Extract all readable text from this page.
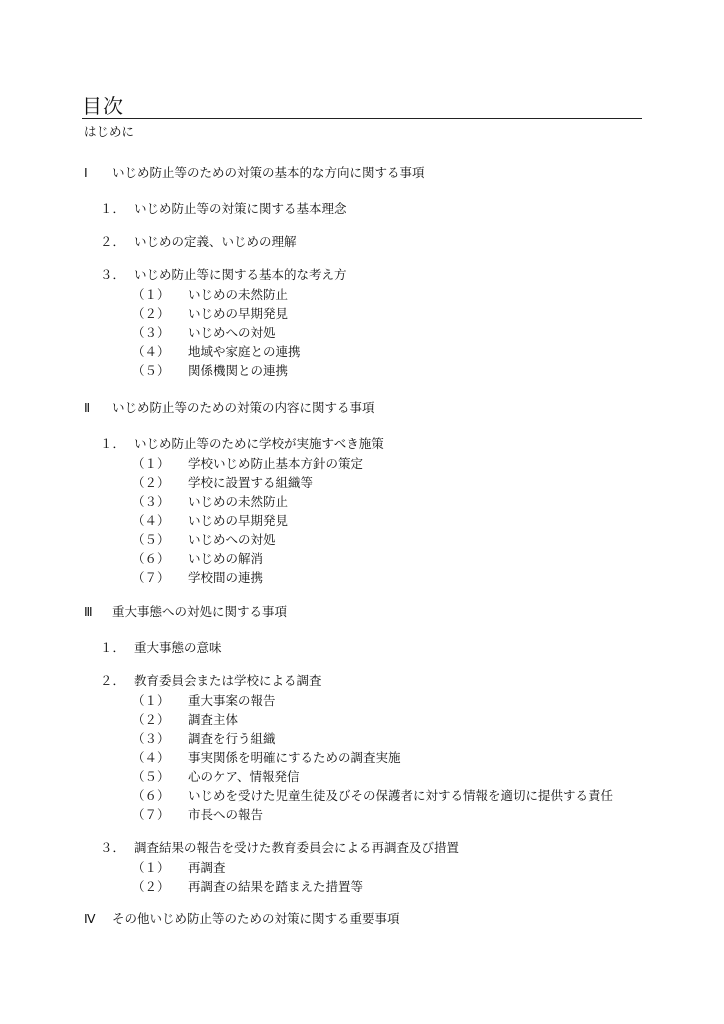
目次
はじめに
Ⅰ いじめ防止等のための対策の基本的な方向に関する事項
１． いじめ防止等の対策に関する基本理念
２． いじめの定義、いじめの理解
３． いじめ防止等に関する基本的な考え方
（１） いじめの未然防止
（２） いじめの早期発見
（３） いじめへの対処
（４） 地域や家庭との連携
（５） 関係機関との連携
Ⅱ いじめ防止等のための対策の内容に関する事項
１． いじめ防止等のために学校が実施すべき施策
（１） 学校いじめ防止基本方針の策定
（２） 学校に設置する組織等
（３） いじめの未然防止
（４） いじめの早期発見
（５） いじめへの対処
（６） いじめの解消
（７） 学校間の連携
Ⅲ 重大事態への対処に関する事項
１． 重大事態の意味
２． 教育委員会または学校による調査
（１） 重大事案の報告
（２） 調査主体
（３） 調査を行う組織
（４） 事実関係を明確にするための調査実施
（５） 心のケア、情報発信
（６） いじめを受けた児童生徒及びその保護者に対する情報を適切に提供する責任
（７） 市長への報告
３． 調査結果の報告を受けた教育委員会による再調査及び措置
（１） 再調査
（２） 再調査の結果を踏まえた措置等
Ⅳ その他いじめ防止等のための対策に関する重要事項
